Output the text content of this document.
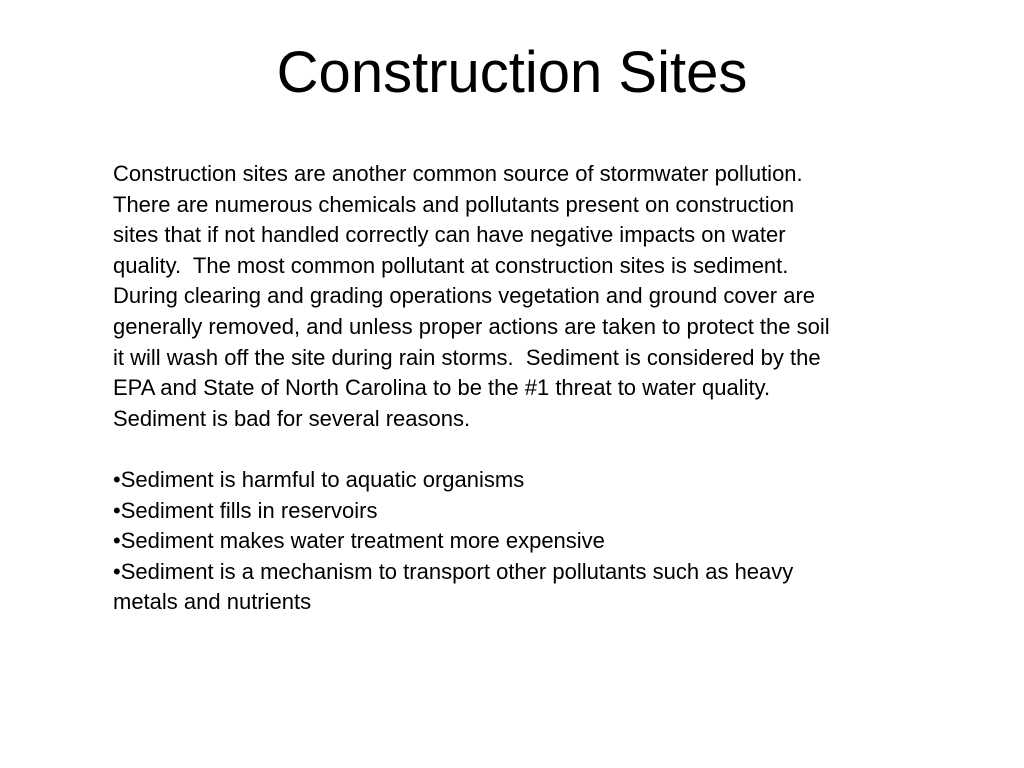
Construction Sites
Construction sites are another common source of stormwater pollution.
There are numerous chemicals and pollutants present on construction
sites that if not handled correctly can have negative impacts on water
quality.  The most common pollutant at construction sites is sediment.
During clearing and grading operations vegetation and ground cover are
generally removed, and unless proper actions are taken to protect the soil
it will wash off the site during rain storms.  Sediment is considered by the
EPA and State of North Carolina to be the #1 threat to water quality.
Sediment is bad for several reasons.
•Sediment is harmful to aquatic organisms
•Sediment fills in reservoirs
•Sediment makes water treatment more expensive
•Sediment is a mechanism to transport other pollutants such as heavy
metals and nutrients
